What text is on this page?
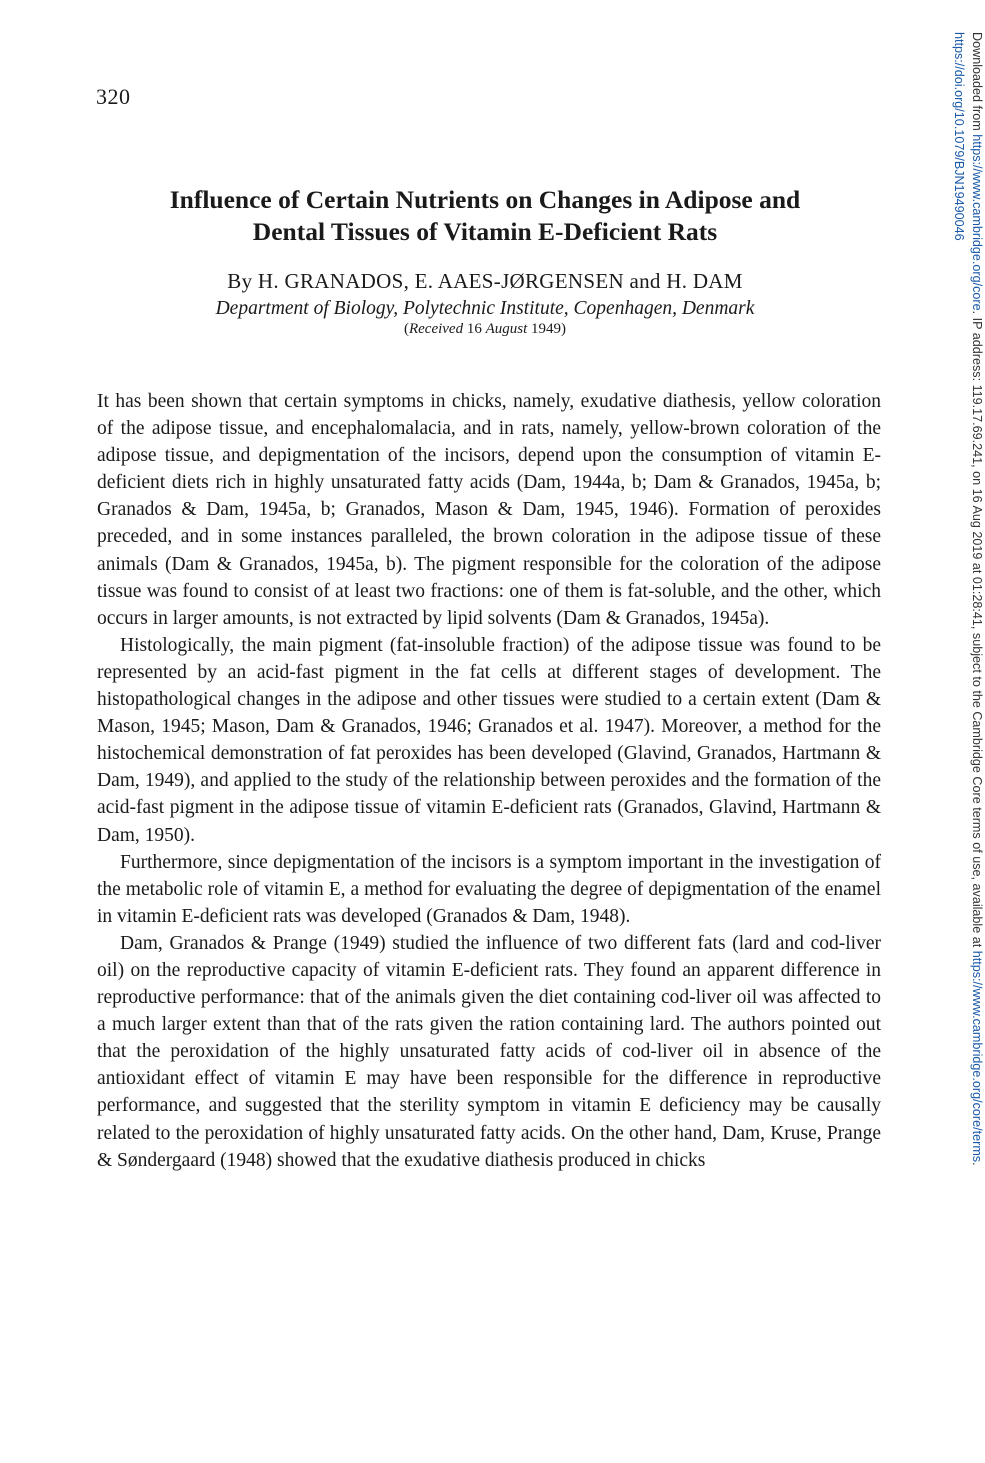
320
Influence of Certain Nutrients on Changes in Adipose and
Dental Tissues of Vitamin E-Deficient Rats
By H. GRANADOS, E. AAES-JØRGENSEN and H. DAM
Department of Biology, Polytechnic Institute, Copenhagen, Denmark
(Received 16 August 1949)

It has been shown that certain symptoms in chicks, namely, exudative diathesis, yellow coloration of the adipose tissue, and encephalomalacia, and in rats, namely, yellow-brown coloration of the adipose tissue, and depigmentation of the incisors, depend upon the consumption of vitamin E-deficient diets rich in highly unsaturated fatty acids (Dam, 1944a, b; Dam & Granados, 1945a, b; Granados & Dam, 1945a, b; Granados, Mason & Dam, 1945, 1946). Formation of peroxides preceded, and in some instances paralleled, the brown coloration in the adipose tissue of these animals (Dam & Granados, 1945a, b). The pigment responsible for the coloration of the adipose tissue was found to consist of at least two fractions: one of them is fat-soluble, and the other, which occurs in larger amounts, is not extracted by lipid solvents (Dam & Granados, 1945a).

Histologically, the main pigment (fat-insoluble fraction) of the adipose tissue was found to be represented by an acid-fast pigment in the fat cells at different stages of development. The histopathological changes in the adipose and other tissues were studied to a certain extent (Dam & Mason, 1945; Mason, Dam & Granados, 1946; Granados et al. 1947). Moreover, a method for the histochemical demonstration of fat peroxides has been developed (Glavind, Granados, Hartmann & Dam, 1949), and applied to the study of the relationship between peroxides and the formation of the acid-fast pigment in the adipose tissue of vitamin E-deficient rats (Granados, Glavind, Hartmann & Dam, 1950).

Furthermore, since depigmentation of the incisors is a symptom important in the investigation of the metabolic role of vitamin E, a method for evaluating the degree of depigmentation of the enamel in vitamin E-deficient rats was developed (Granados & Dam, 1948).

Dam, Granados & Prange (1949) studied the influence of two different fats (lard and cod-liver oil) on the reproductive capacity of vitamin E-deficient rats. They found an apparent difference in reproductive performance: that of the animals given the diet containing cod-liver oil was affected to a much larger extent than that of the rats given the ration containing lard. The authors pointed out that the peroxidation of the highly unsaturated fatty acids of cod-liver oil in absence of the antioxidant effect of vitamin E may have been responsible for the difference in reproductive performance, and suggested that the sterility symptom in vitamin E deficiency may be causally related to the peroxidation of highly unsaturated fatty acids. On the other hand, Dam, Kruse, Prange & Søndergaard (1948) showed that the exudative diathesis produced in chicks

Downloaded from https://www.cambridge.org/core. IP address: 119.17.69.241, on 16 Aug 2019 at 01:28:41, subject to the Cambridge Core terms of use, available at https://www.cambridge.org/core/terms.
https://doi.org/10.1079/BJN19490046
